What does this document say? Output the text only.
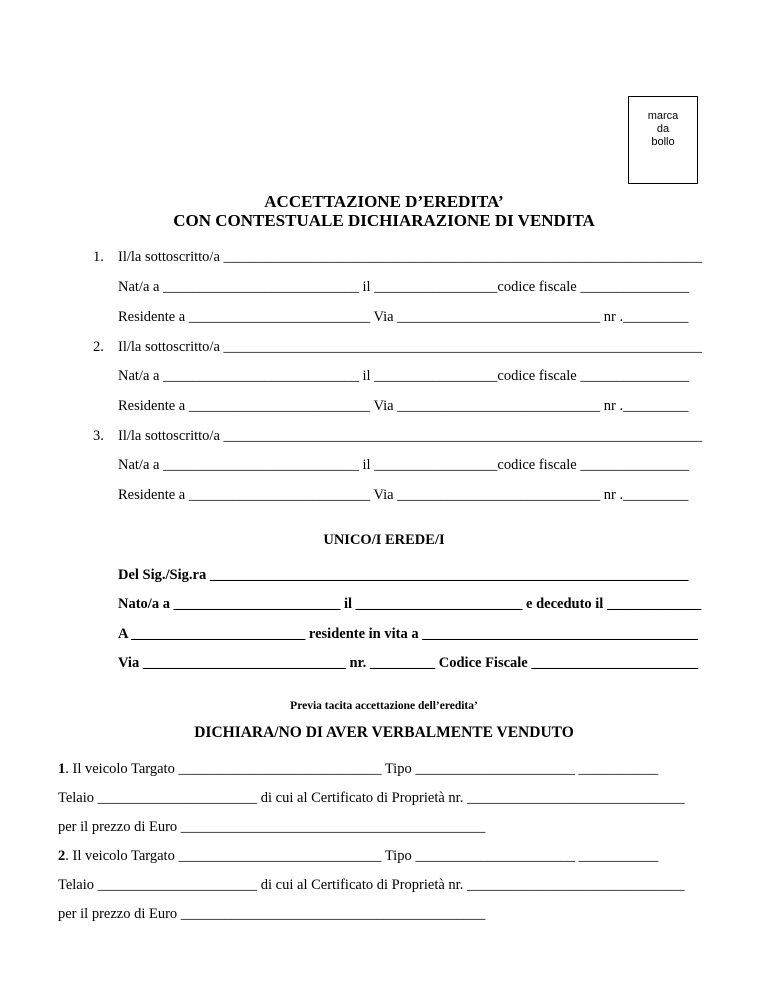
marca
da
bollo
ACCETTAZIONE D’EREDITA’
CON CONTESTUALE DICHIARAZIONE DI VENDITA
1. Il/la sottoscritto/a __________________________________________________________________
Nat/a a ___________________________ il _________________codice fiscale _______________
Residente a _________________________ Via ____________________________ nr ._________
2. Il/la sottoscritto/a __________________________________________________________________
Nat/a a ___________________________ il _________________codice fiscale _______________
Residente a _________________________ Via ____________________________ nr ._________
3. Il/la sottoscritto/a __________________________________________________________________
Nat/a a ___________________________ il _________________codice fiscale _______________
Residente a _________________________ Via ____________________________ nr ._________
UNICO/I EREDE/I
Del Sig./Sig.ra __________________________________________________________________
Nato/a a _______________________ il _______________________ e deceduto il _____________
A ________________________ residente in vita a ______________________________________
Via ____________________________ nr. _________ Codice Fiscale _______________________
Previa tacita accettazione dell’eredita’
DICHIARA/NO DI AVER VERBALMENTE VENDUTO
1. Il veicolo Targato ____________________________ Tipo ______________________ ___________
Telaio ______________________ di cui al Certificato di Proprietà nr. ______________________________
per il prezzo di Euro __________________________________________
2. Il veicolo Targato ____________________________ Tipo ______________________ ___________
Telaio ______________________ di cui al Certificato di Proprietà nr. ______________________________
per il prezzo di Euro __________________________________________
